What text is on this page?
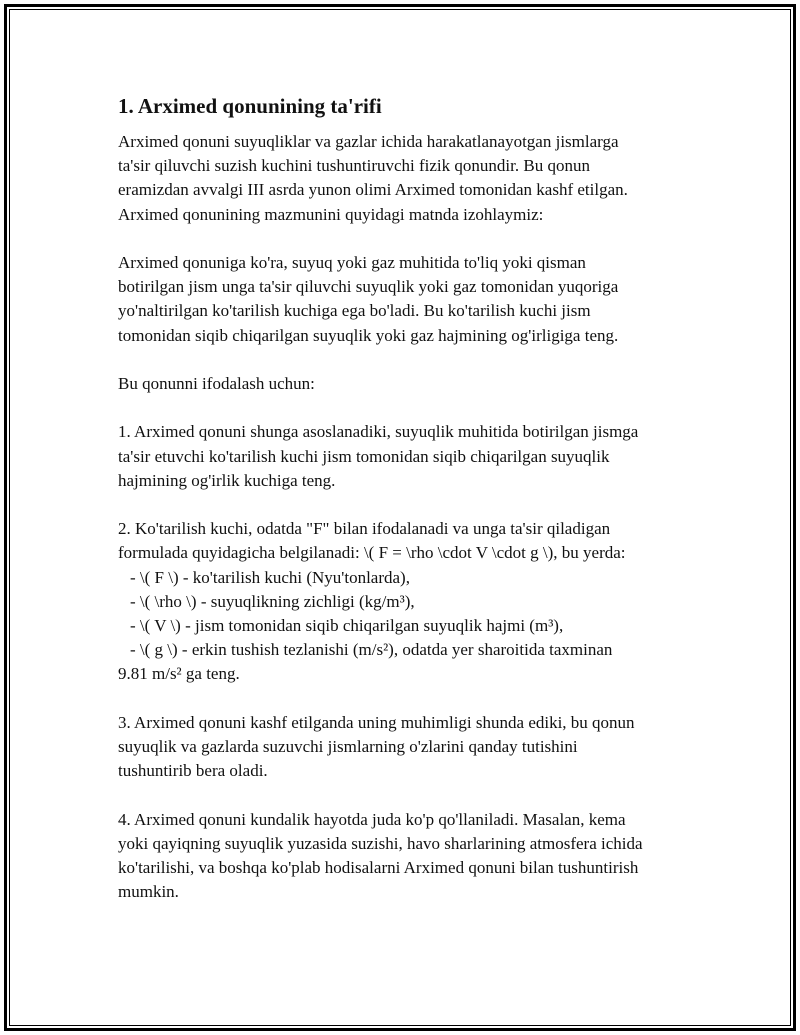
1. Arximed qonunining ta'rifi

Arximed qonuni suyuqliklar va gazlar ichida harakatlanayotgan jismlarga
ta'sir qiluvchi suzish kuchini tushuntiruvchi fizik qonundir. Bu qonun
eramizdan avvalgi III asrda yunon olimi Arximed tomonidan kashf etilgan.
Arximed qonunining mazmunini quyidagi matnda izohlaymiz:

Arximed qonuniga ko'ra, suyuq yoki gaz muhitida to'liq yoki qisman
botirilgan jism unga ta'sir qiluvchi suyuqlik yoki gaz tomonidan yuqoriga
yo'naltirilgan ko'tarilish kuchiga ega bo'ladi. Bu ko'tarilish kuchi jism
tomonidan siqib chiqarilgan suyuqlik yoki gaz hajmining og'irligiga teng.

Bu qonunni ifodalash uchun:

1. Arximed qonuni shunga asoslanadiki, suyuqlik muhitida botirilgan jismga
ta'sir etuvchi ko'tarilish kuchi jism tomonidan siqib chiqarilgan suyuqlik
hajmining og'irlik kuchiga teng.

2. Ko'tarilish kuchi, odatda "F" bilan ifodalanadi va unga ta'sir qiladigan
formulada quyidagicha belgilanadi: \( F = \rho \cdot V \cdot g \), bu yerda:

- \( F \) - ko'tarilish kuchi (Nyu'tonlarda),

- \( \rho \) - suyuqlikning zichligi (kg/m³),

- \( V \) - jism tomonidan siqib chiqarilgan suyuqlik hajmi (m³),

- \( g \) - erkin tushish tezlanishi (m/s²), odatda yer sharoitida taxminan

9.81 m/s² ga teng.

3. Arximed qonuni kashf etilganda uning muhimligi shunda ediki, bu qonun
suyuqlik va gazlarda suzuvchi jismlarning o'zlarini qanday tutishini
tushuntirib bera oladi.

4. Arximed qonuni kundalik hayotda juda ko'p qo'llaniladi. Masalan, kema
yoki qayiqning suyuqlik yuzasida suzishi, havo sharlarining atmosfera ichida
ko'tarilishi, va boshqa ko'plab hodisalarni Arximed qonuni bilan tushuntirish
mumkin.
